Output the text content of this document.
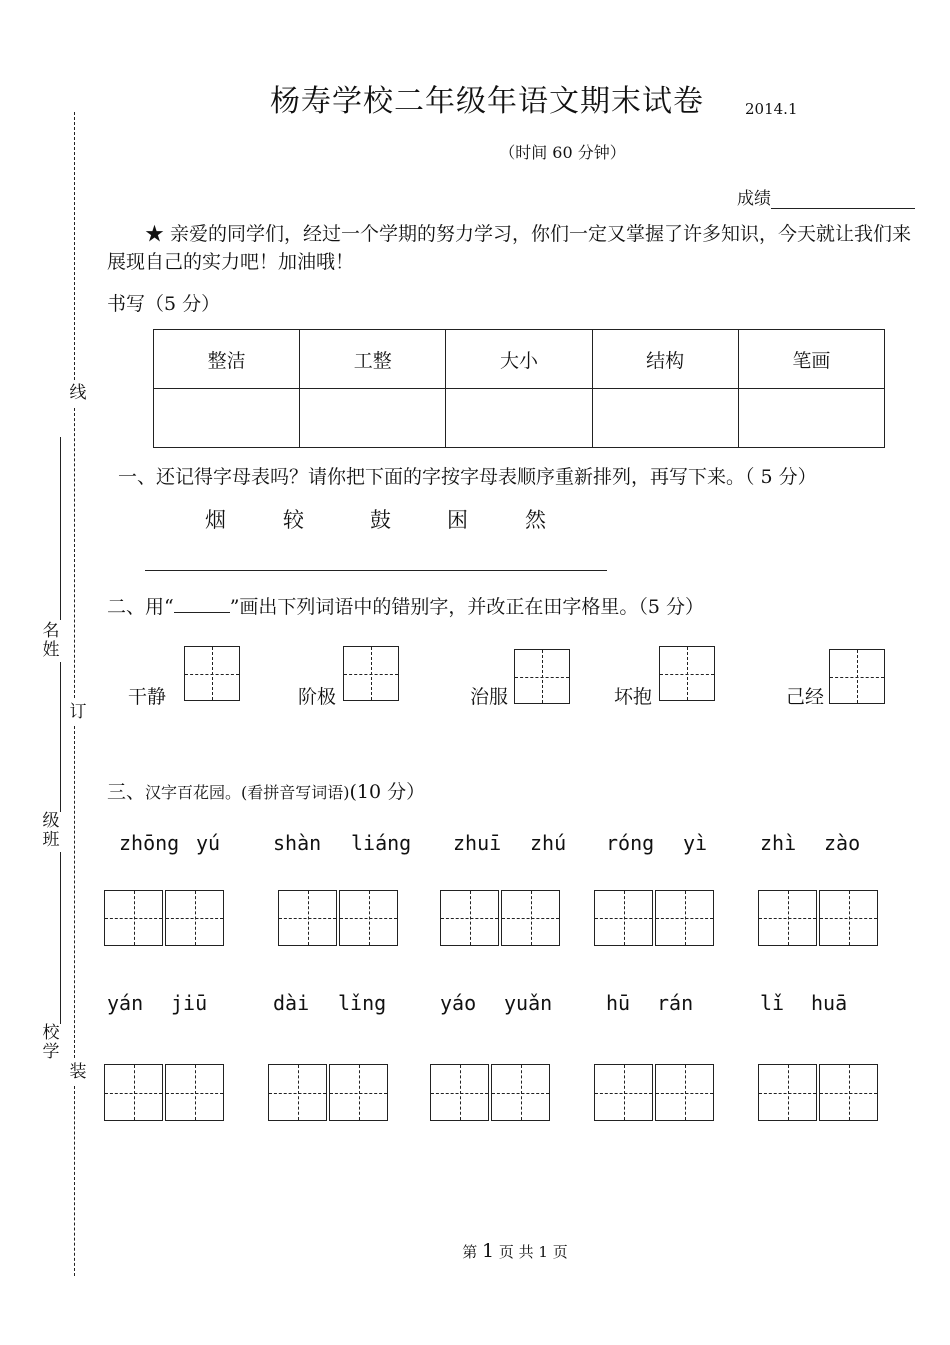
线
订
装
名
姓
级
班
校
学
杨寿学校二年级年语文期末试卷	2014.1
（时间 60 分钟）
成绩
★ 亲爱的同学们，经过一个学期的努力学习，你们一定又掌握了许多知识，今天就让我们来展现自己的实力吧！加油哦！
书写（5 分）
整洁	工整	大小	结构	笔画

一、还记得字母表吗？请你把下面的字按字母表顺序重新排列，再写下来。（ 5 分）
烟	较	鼓	困	然
二、用“	”画出下列词语中的错别字，并改正在田字格里。（5 分）
干静	阶极	治服	坏抱	己经
三、汉字百花园。(看拼音写词语)(10 分）
zhōng yú	shàn liáng zhuī zhú róng yì	zhì zào
yán jiū	dài lǐng	yáo yuǎn	hū rán	lǐ huā
第 1 页 共 1 页
